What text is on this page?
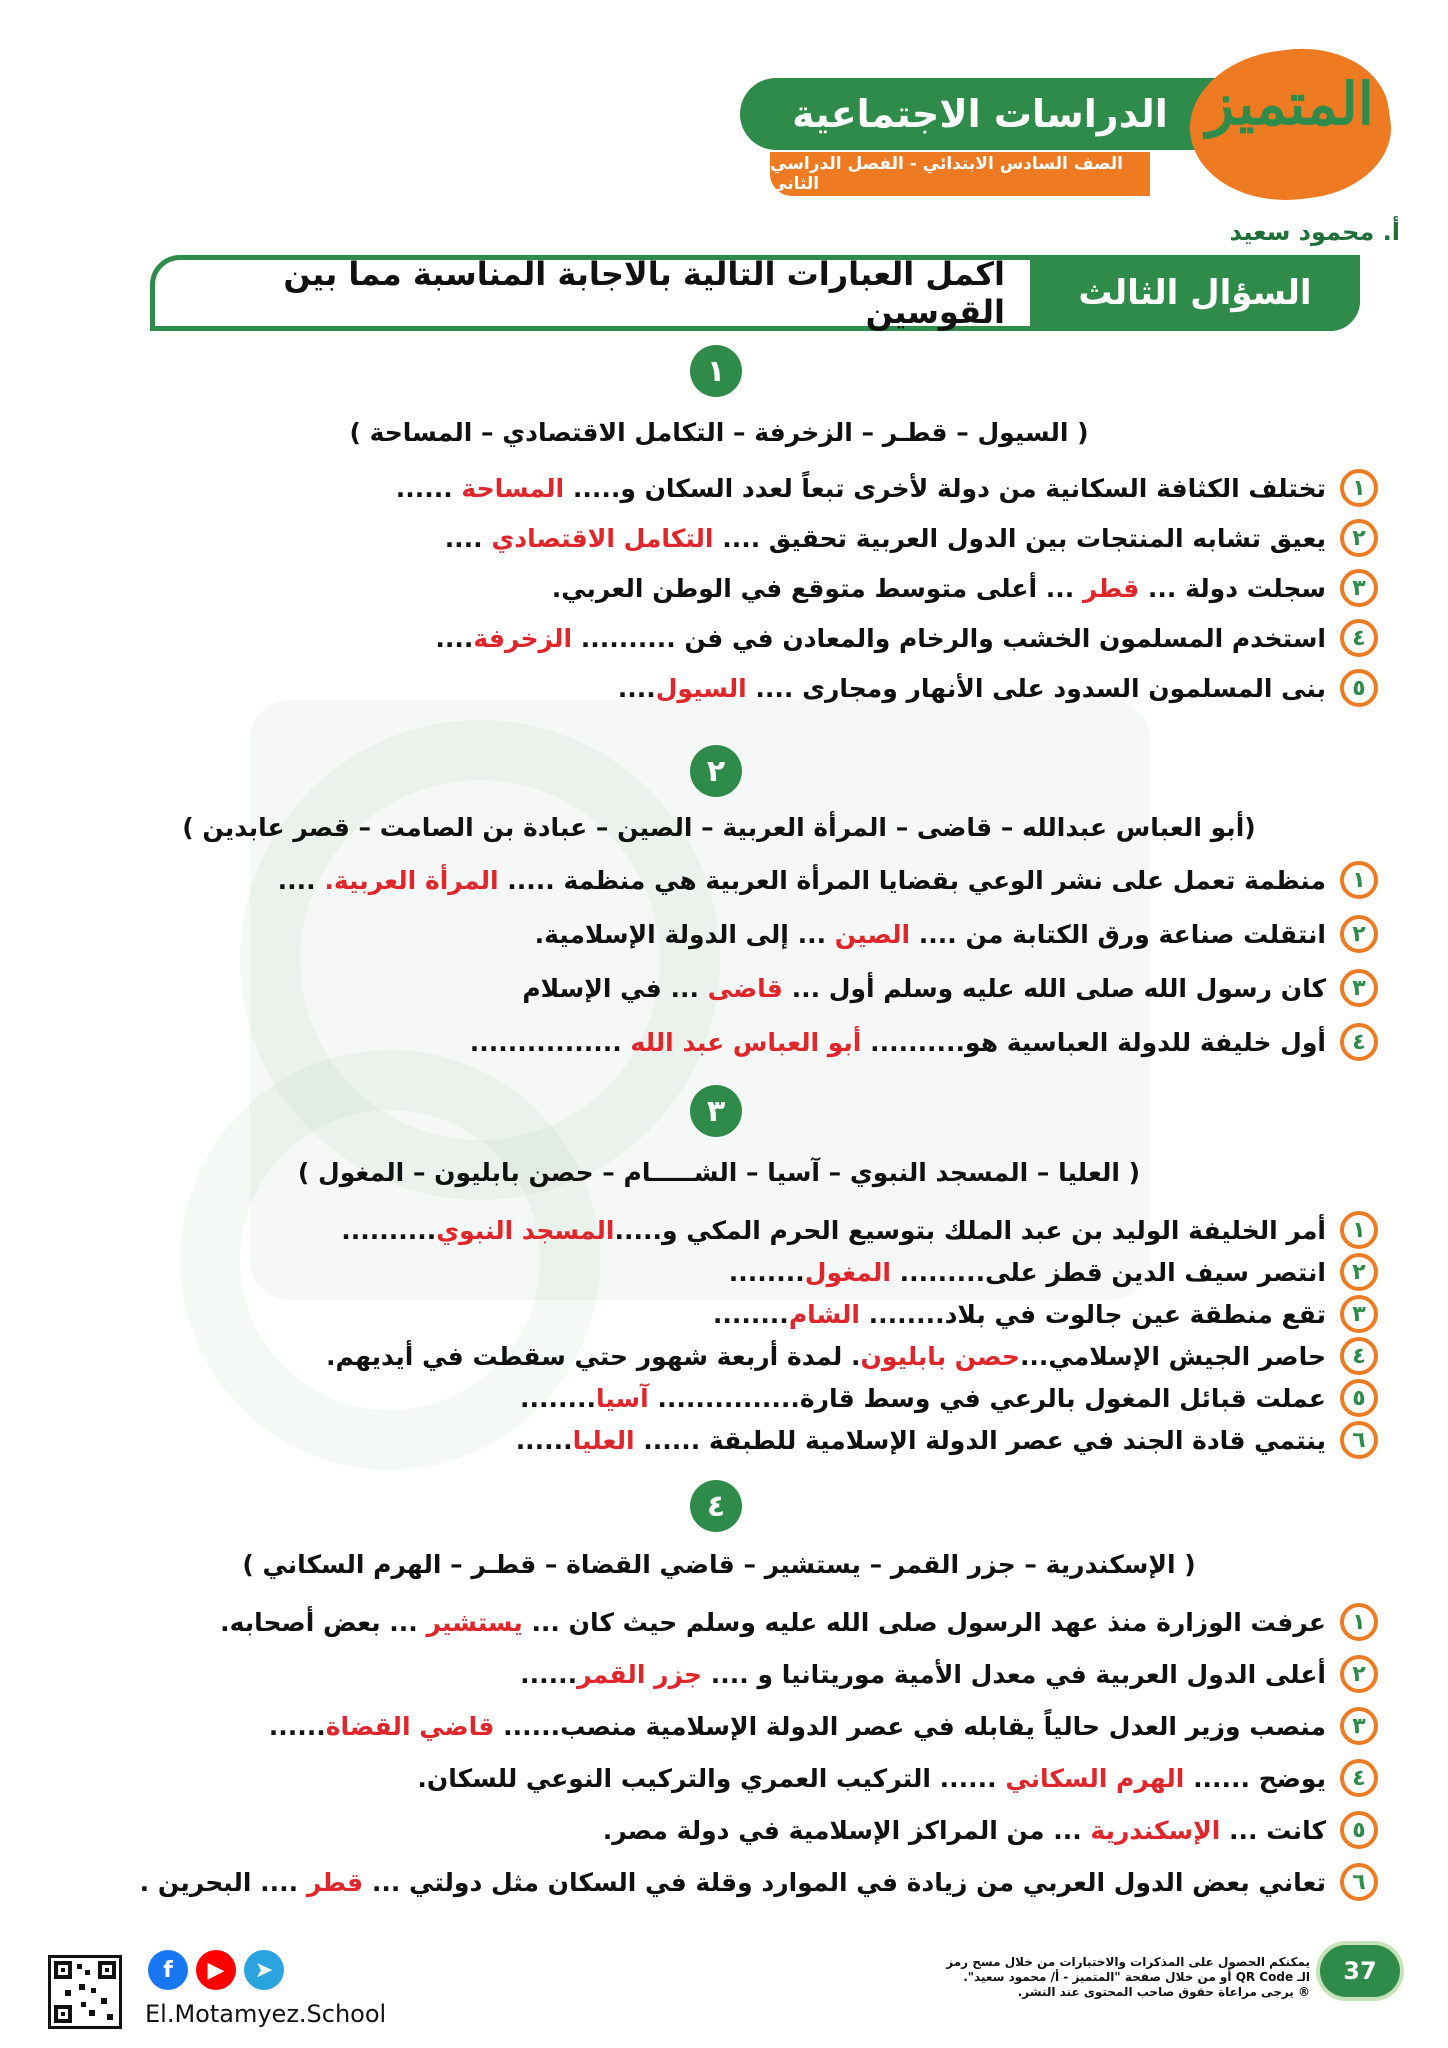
الدراسات الاجتماعية
الصف السادس الابتدائي - الفصل الدراسي الثاني
المتميز
أ. محمود سعيد
السؤال الثالث
اكمل العبارات التالية بالاجابة المناسبة مما بين القوسين
١
( السيول – قطـر – الزخرفة – التكامل الاقتصادي – المساحة )
١
تختلف الكثافة السكانية من دولة لأخرى تبعاً لعدد السكان و..... المساحة ......
٢
يعيق تشابه المنتجات بين الدول العربية تحقيق .... التكامل الاقتصادي ....
٣
سجلت دولة ... قطر ... أعلى متوسط متوقع في الوطن العربي.
٤
استخدم المسلمون الخشب والرخام والمعادن في فن .......... الزخرفة....
٥
بنى المسلمون السدود على الأنهار ومجارى .... السيول....
٢
(أبو العباس عبدالله – قاضى – المرأة العربية – الصين – عبادة بن الصامت – قصر عابدين )
١
منظمة تعمل على نشر الوعي بقضايا المرأة العربية هي منظمة ..... المرأة العربية. ....
٢
انتقلت صناعة ورق الكتابة من .... الصين ... إلى الدولة الإسلامية.
٣
كان رسول الله صلى الله عليه وسلم أول ... قاضى ... في الإسلام
٤
أول خليفة للدولة العباسية هو.......... أبو العباس عبد الله ................
٣
( العليا – المسجد النبوي – آسيا – الشـــــام – حصن بابليون – المغول )
١
أمر الخليفة الوليد بن عبد الملك بتوسيع الحرم المكي و.....المسجد النبوي..........
٢
انتصر سيف الدين قطز على......... المغول........
٣
تقع منطقة عين جالوت في بلاد........ الشام........
٤
حاصر الجيش الإسلامي...حصن بابليون. لمدة أربعة شهور حتي سقطت في أيديهم.
٥
عملت قبائل المغول بالرعي في وسط قارة............... آسيا........
٦
ينتمي قادة الجند في عصر الدولة الإسلامية للطبقة ...... العليا......
٤
( الإسكندرية – جزر القمر – يستشير – قاضي القضاة – قطـر – الهرم السكاني )
١
عرفت الوزارة منذ عهد الرسول صلى الله عليه وسلم حيث كان ... يستشير ... بعض أصحابه.
٢
أعلى الدول العربية في معدل الأمية موريتانيا و .... جزر القمر......
٣
منصب وزير العدل حالياً يقابله في عصر الدولة الإسلامية منصب...... قاضي القضاة......
٤
يوضح ...... الهرم السكاني ...... التركيب العمري والتركيب النوعي للسكان.
٥
كانت ... الإسكندرية ... من المراكز الإسلامية في دولة مصر.
٦
تعاني بعض الدول العربي من زيادة في الموارد وقلة في السكان مثل دولتي ... قطر .... البحرين .
37
يمكنكم الحصول على المذكرات والاختبارات من خلال مسح رمز
الـ QR Code أو من خلال صفحة "المتميز - أ/ محمود سعيد".
® يرجى مراعاة حقوق صاحب المحتوى عند النشر.
f	▶	➤
El.Motamyez.School
